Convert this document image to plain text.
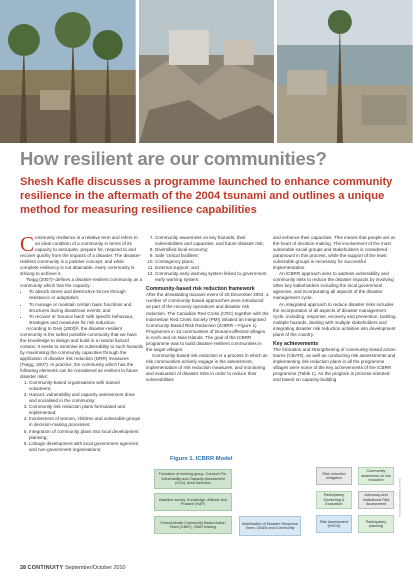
photos: J Rolt / IFRC
How resilient are our communities?
Shesh Kafle discusses a programme launched to enhance community resilience in the aftermath of the 2004 tsunami and outlines a unique method for measuring resilience capabilities

Community resilience is a relative term and refers to an ideal condition of a community in terms of its capacity to anticipate, prepare for, respond to and recover quickly from the impacts of a disaster. The disaster-resilient community is a positive concept, and while complete resiliency is not attainable, every community is striving to achieve it.

Twigg (2007)¹ defines a disaster-resilient community as a community which has the capacity:

• To absorb stress and destructive forces through resistance or adaptation;
• To manage or maintain certain basic functions and structures during disastrous events; and
• To recover or 'bounce back' with specific behaviour, strategies and measures for risk reduction.

According to Geis (2000)², the disaster-resilient community is the safest possible community that we have the knowledge to design and build in a natural hazard context. It seeks to minimise its vulnerability to such hazards by maximising the community capacities through the application of disaster risk reduction (DRR) measures (Twigg, 2007). In practice, the community which has the following elements can be considered as resilient to future disaster risks:

1. Community-based organisations with trained volunteers;
2. Hazard, vulnerability and capacity assessment done and socialised in the community;
3. Community risk reduction plans formulated and implemented;
4. Involvement of women, children and vulnerable groups in decision-making processes;
5. Integration of community plans into local development planning;
6. Linkage development with local government agencies and non-government organisations;
7. Community awareness on key hazards, their vulnerabilities and capacities, and future disaster risk;
8. Diversified local economy;
9. Safe 'critical facilities';
10. Contingency plans;
11. External support; and
12. Community early warning system linked to government early warning system.
Community-based risk reduction framework

After the devastating tsunami event of 26 December 2004, a number of community-based approaches were introduced as part of the recovery operations and disaster risk reduction. The Canadian Red Cross (CRC) together with the Indonesian Red Cross Society (PMI) initiated an Integrated Community-Based Risk Reduction (ICBRR – Figure 1) Programme in 43 communities of tsunami-affected villages in Aceh and on Nias Islands. The goal of the ICBRR programme was to build disaster-resilient communities in the target villages.

Community-based risk reduction is a process in which at-risk communities actively engage in the assessment, implementation of risk reduction measures, and monitoring and evaluation of disaster risks in order to reduce their vulnerabilities

and enhance their capacities. This means that people are at the heart of decision-making. The involvement of the most vulnerable social groups and stakeholders is considered paramount in this process, while the support of the least vulnerable groups is necessary for successful implementation.

An ICBRR approach aims to address vulnerability and community risks to reduce the disaster impacts by involving other key stakeholders including the local government agencies, and incorporating all aspects of the disaster management cycle.

An integrated approach to reduce disaster risks includes the incorporation of all aspects of disaster management cycle, including: response, recovery and prevention, tackling multiple hazards, dealing with multiple stakeholders and integrating disaster risk reduction activities into development plans of the country.

Key achievements

The formation and strengthening of community-based action teams (CBATs), as well as conducting risk assessments and implementing risk reduction plans in all the programme villages were some of the key achievements of the ICBRR programme (Table 1). As the program is process-oriented and based on capacity-building

Figure 1. ICBRR Model
Formation of working group, Conduct Pre- Vulnerability and Capacity Assessment (VCA), Area Selection
Baseline survey, Knowledge, Attitude and Practice (KAP)
Form/Activate Community Based Action Team (CBAT), CBAT training
Mobilisation of Disaster Response Team, CBATs and Community
Risk reduction mitigation
Community awareness on risk reduction
Participatory Monitoring & Evaluation
Advocacy and Institutional Risk Assessment
Risk Assessment (HVCA)
Participatory planning
Source: Canadian Red Cross
28 CONTINUITY September/October 2010
